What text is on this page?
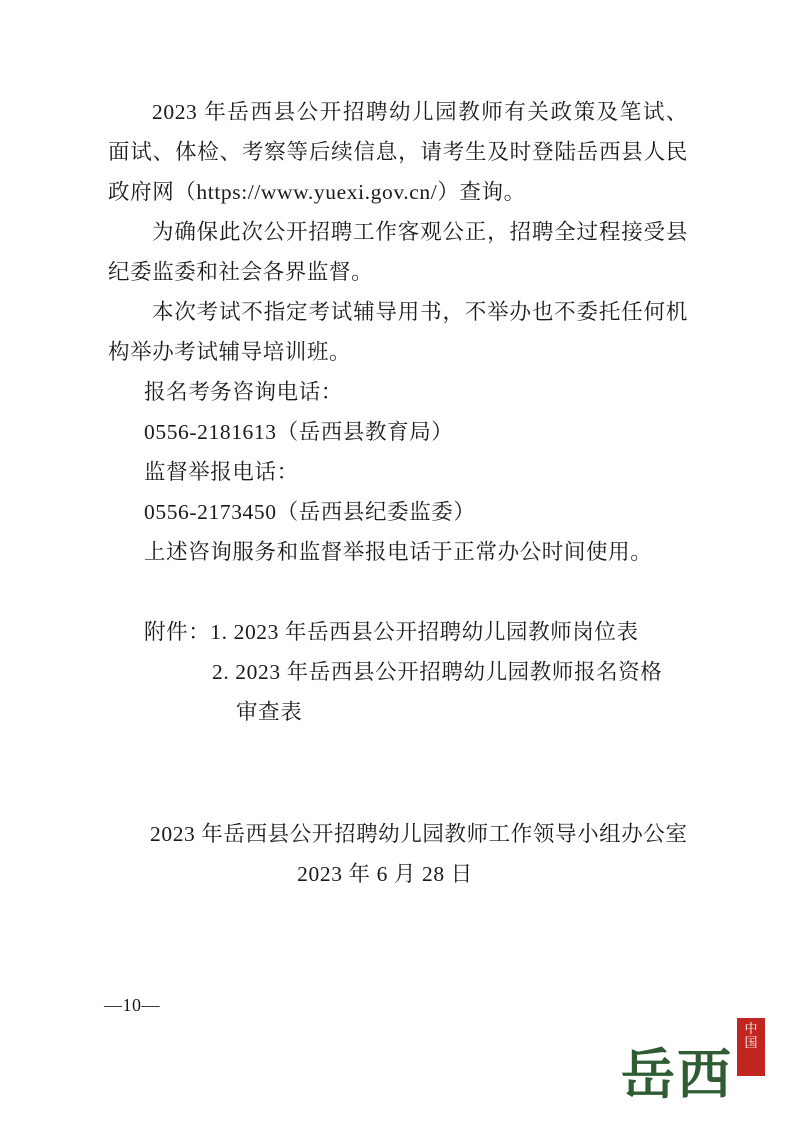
2023 年岳西县公开招聘幼儿园教师有关政策及笔试、面试、体检、考察等后续信息，请考生及时登陆岳西县人民政府网（https://www.yuexi.gov.cn/）查询。

为确保此次公开招聘工作客观公正，招聘全过程接受县纪委监委和社会各界监督。

本次考试不指定考试辅导用书，不举办也不委托任何机构举办考试辅导培训班。

报名考务咨询电话：

0556-2181613（岳西县教育局）

监督举报电话：

0556-2173450（岳西县纪委监委）

上述咨询服务和监督举报电话于正常办公时间使用。

附件：1. 2023 年岳西县公开招聘幼儿园教师岗位表

2. 2023 年岳西县公开招聘幼儿园教师报名资格

审查表

2023 年岳西县公开招聘幼儿园教师工作领导小组办公室

2023 年 6 月 28 日

—10—
中
国
岳西
